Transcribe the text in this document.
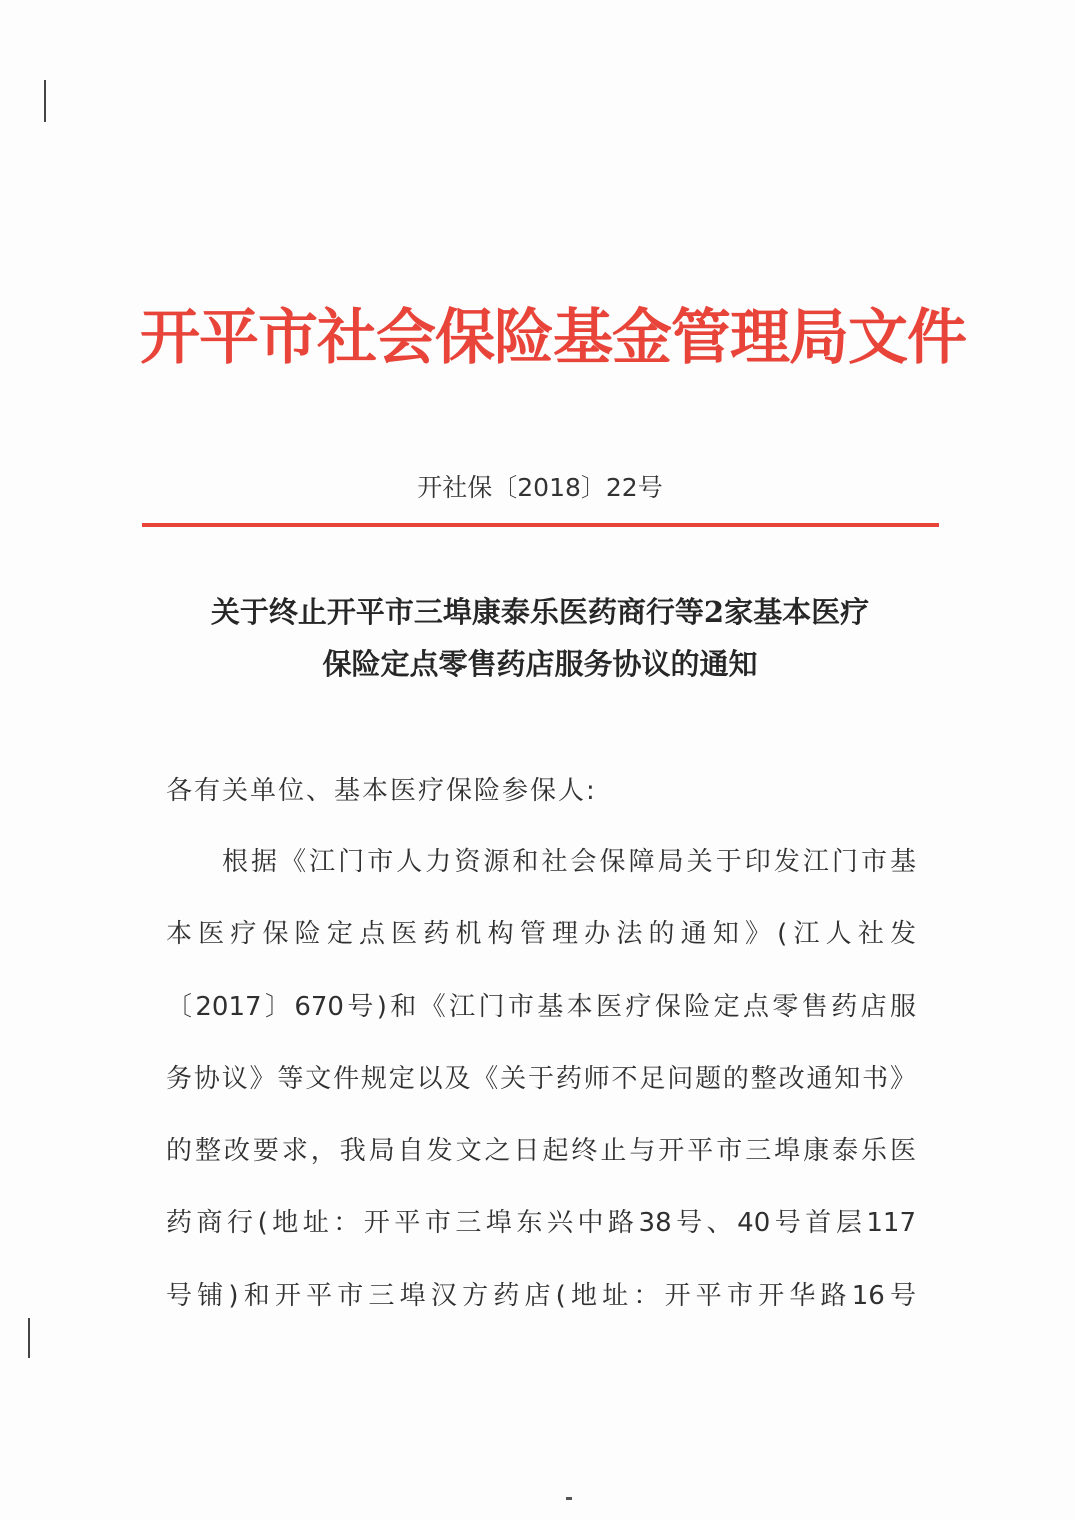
开平市社会保险基金管理局文件
开社保〔2018〕22号
关于终止开平市三埠康泰乐医药商行等2家基本医疗
保险定点零售药店服务协议的通知
各有关单位、基本医疗保险参保人:
根据《江门市人力资源和社会保障局关于印发江门市基
本医疗保险定点医药机构管理办法的通知》(江人社发
〔2017〕670号)和《江门市基本医疗保险定点零售药店服
务协议》等文件规定以及《关于药师不足问题的整改通知书》
的整改要求，我局自发文之日起终止与开平市三埠康泰乐医
药商行(地址：开平市三埠东兴中路38号、40号首层117
号铺)和开平市三埠汉方药店(地址：开平市开华路16号
